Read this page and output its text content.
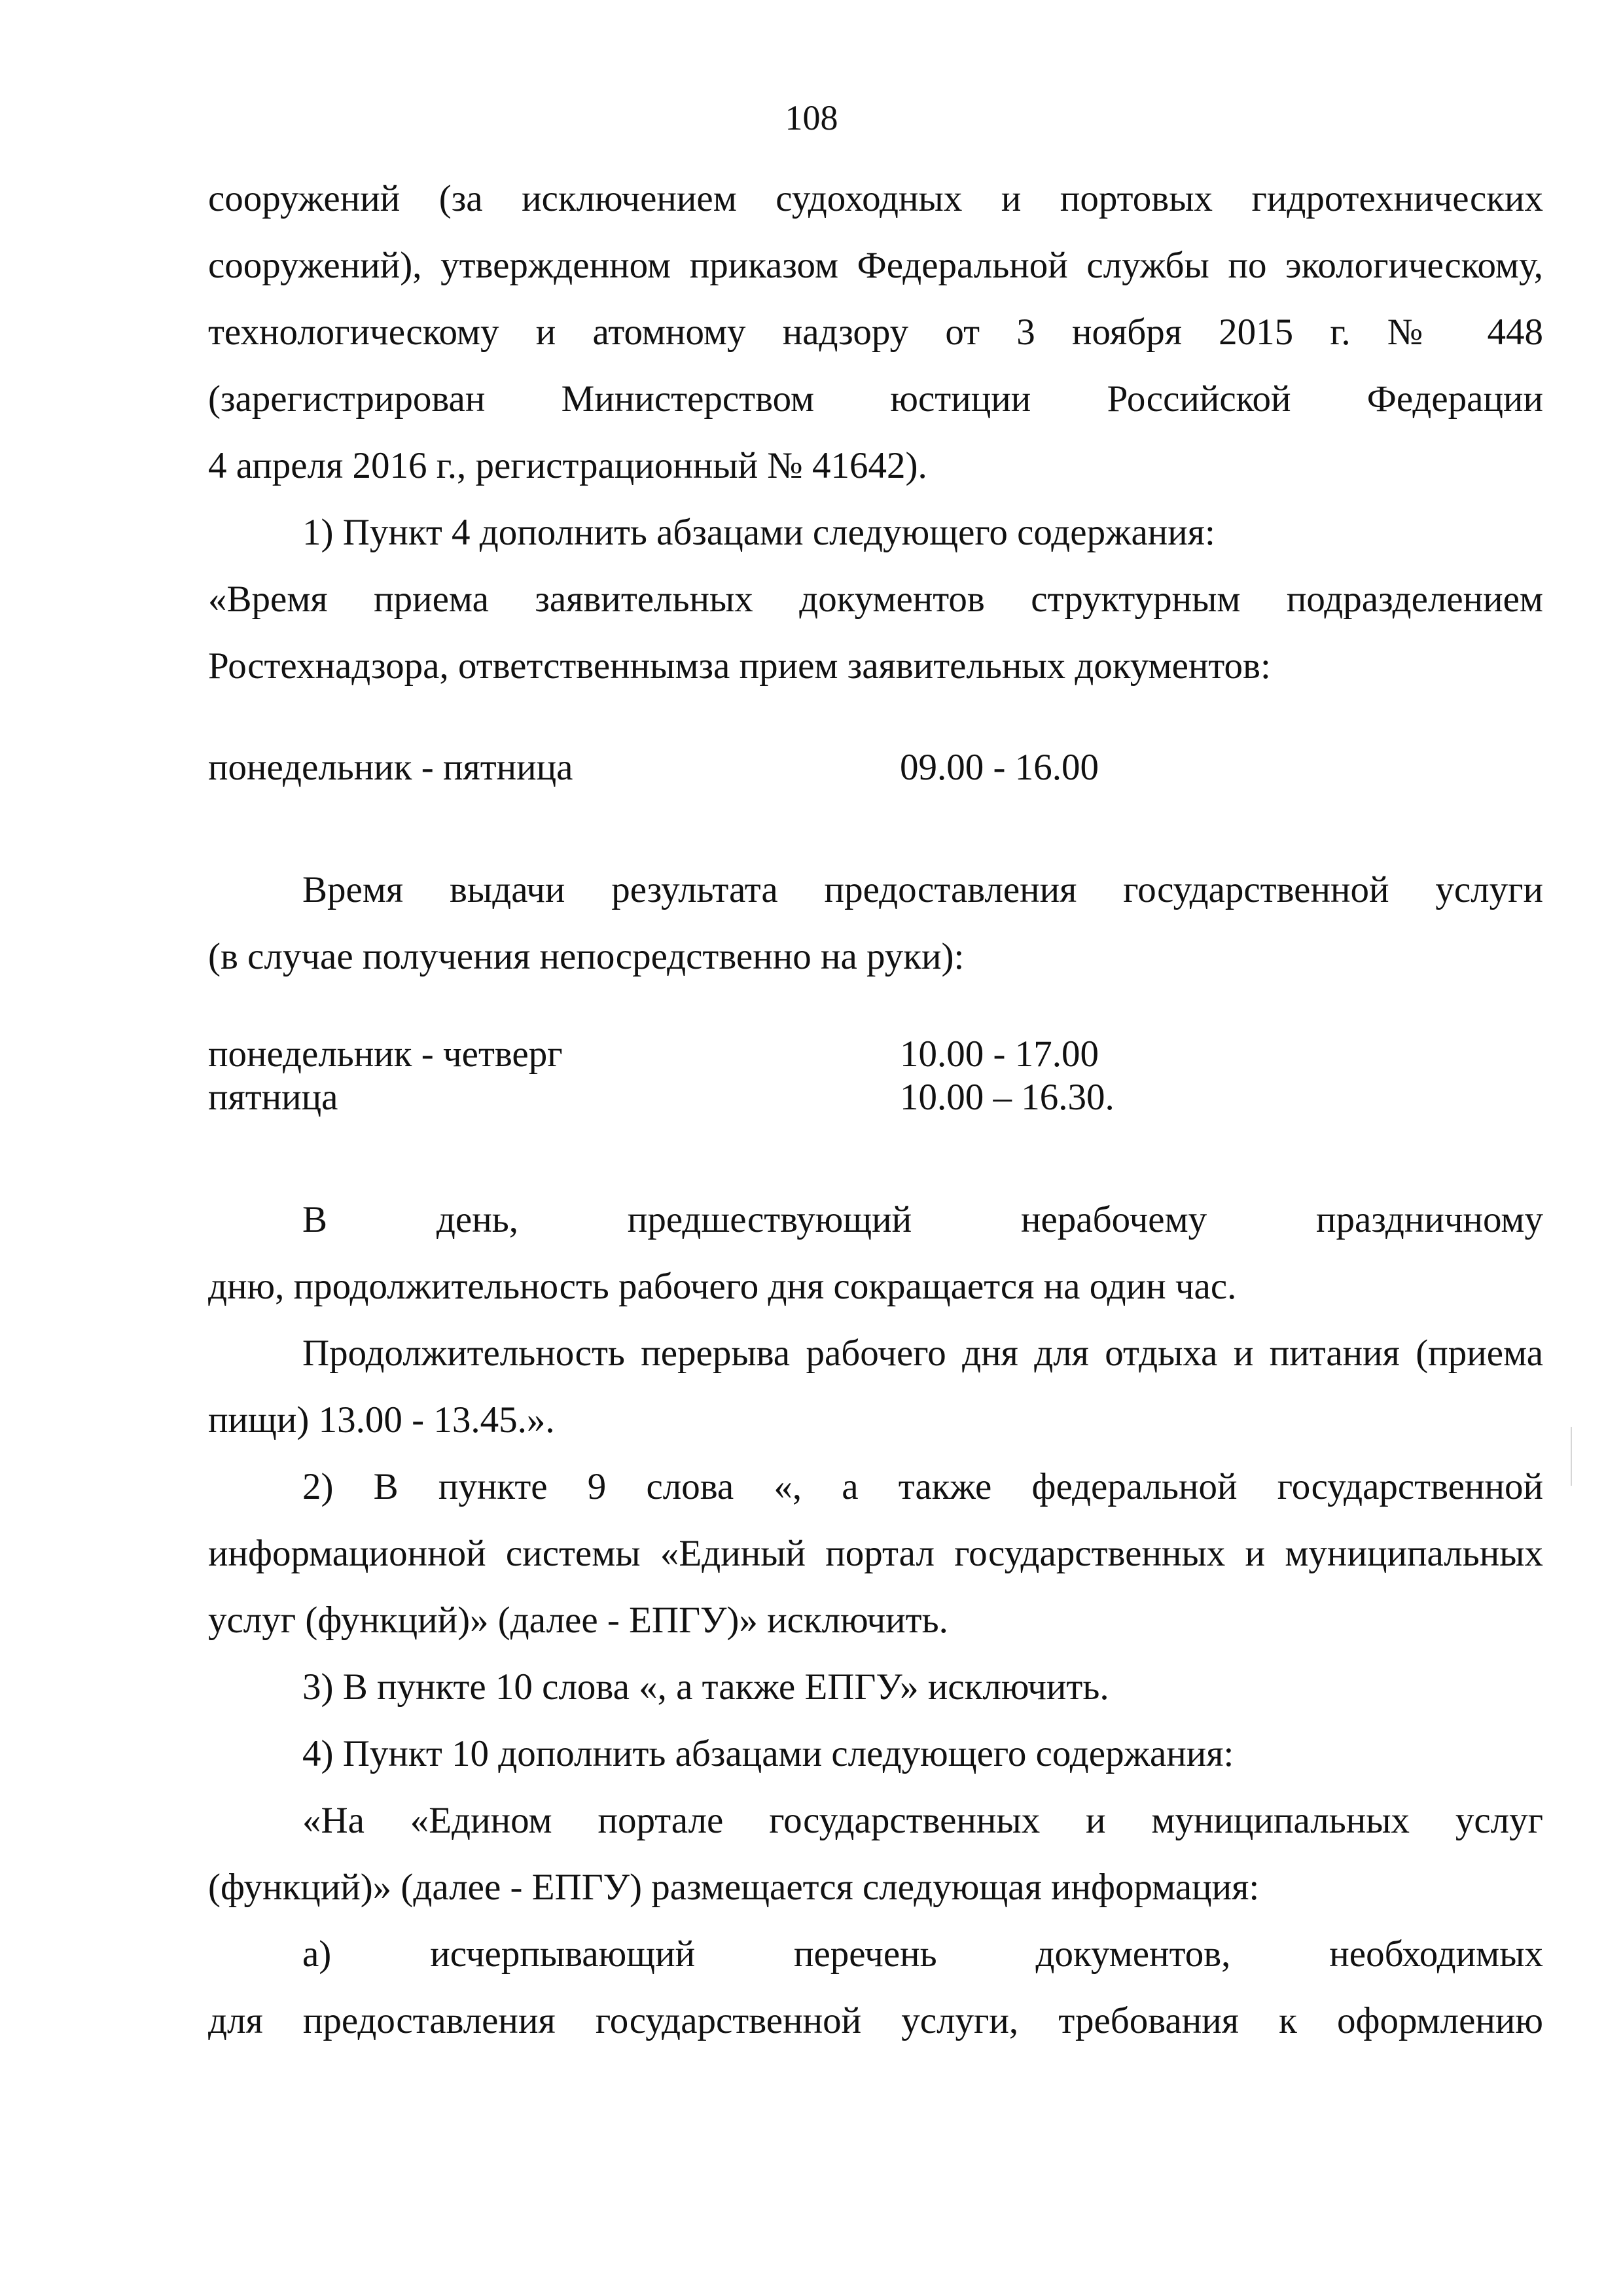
108
сооружений (за исключением судоходных и портовых гидротехнических
сооружений), утвержденном приказом Федеральной службы по экологическому,
технологическому и атомному надзору от 3 ноября 2015 г. № 448
(зарегистрирован Министерством юстиции Российской Федерации
4 апреля 2016 г., регистрационный № 41642).
1) Пункт 4 дополнить абзацами следующего содержания:
«Время приема заявительных документов структурным подразделением
Ростехнадзора, ответственнымза прием заявительных документов:
понедельник - пятница	09.00 - 16.00
Время выдачи результата предоставления государственной услуги
(в случае получения непосредственно на руки):
понедельник - четверг	10.00 - 17.00
пятница	10.00 – 16.30.
В день, предшествующий нерабочему праздничному
дню, продолжительность рабочего дня сокращается на один час.
Продолжительность перерыва рабочего дня для отдыха и питания (приема
пищи) 13.00 - 13.45.».
2) В пункте 9 слова «, а также федеральной государственной
информационной системы «Единый портал государственных и муниципальных
услуг (функций)» (далее - ЕПГУ)» исключить.
3) В пункте 10 слова «, а также ЕПГУ» исключить.
4) Пункт 10 дополнить абзацами следующего содержания:
«На «Едином портале государственных и муниципальных услуг
(функций)» (далее - ЕПГУ) размещается следующая информация:
а) исчерпывающий перечень документов, необходимых
для предоставления государственной услуги, требования к оформлению
